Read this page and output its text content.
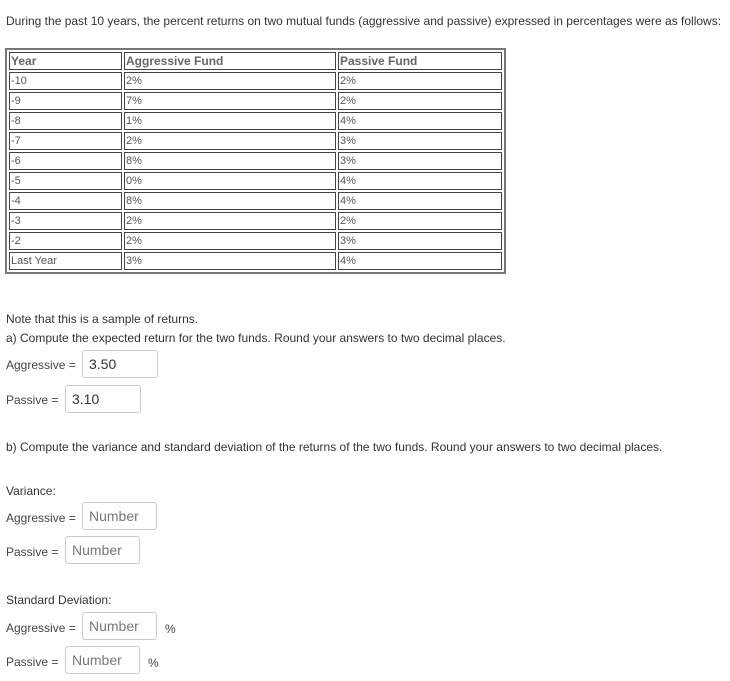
During the past 10 years, the percent returns on two mutual funds (aggressive and passive) expressed in percentages were as follows:
Year	Aggressive Fund	Passive Fund
-10	2%	2%
-9	7%	2%
-8	1%	4%
-7	2%	3%
-6	8%	3%
-5	0%	4%
-4	8%	4%
-3	2%	2%
-2	2%	3%
Last Year	3%	4%
Note that this is a sample of returns.
a) Compute the expected return for the two funds. Round your answers to two decimal places.
Aggressive = 3.50
Passive = 3.10
b) Compute the variance and standard deviation of the returns of the two funds. Round your answers to two decimal places.
Variance:
Aggressive = Number
Passive = Number
Standard Deviation:
Aggressive = Number	%
Passive = Number	%
